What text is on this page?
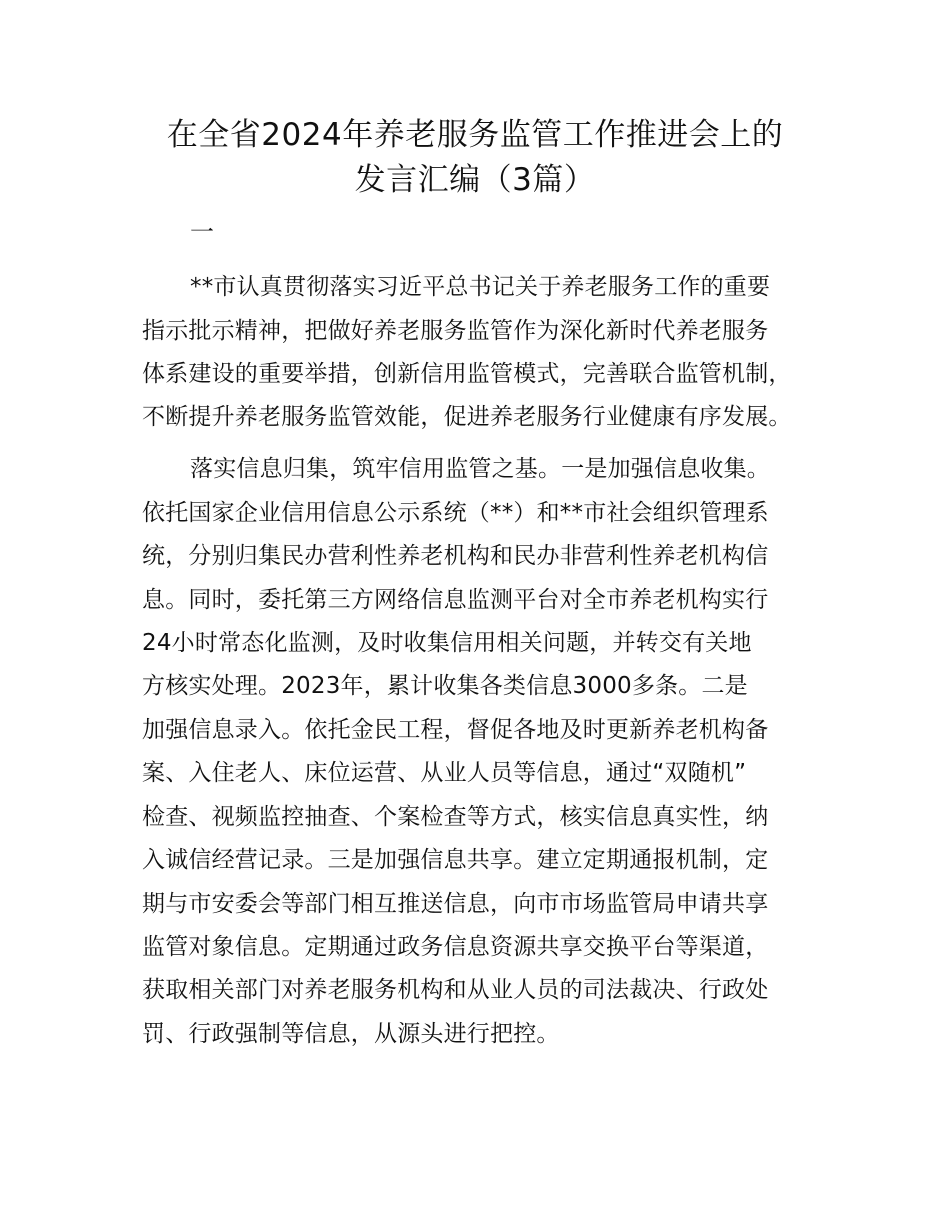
在全省2024年养老服务监管工作推进会上的
发言汇编（3篇）
一
**市认真贯彻落实习近平总书记关于养老服务工作的重要
指示批示精神，把做好养老服务监管作为深化新时代养老服务
体系建设的重要举措，创新信用监管模式，完善联合监管机制，
不断提升养老服务监管效能，促进养老服务行业健康有序发展。
落实信息归集，筑牢信用监管之基。一是加强信息收集。
依托国家企业信用信息公示系统（**）和**市社会组织管理系
统，分别归集民办营利性养老机构和民办非营利性养老机构信
息。同时，委托第三方网络信息监测平台对全市养老机构实行
24小时常态化监测，及时收集信用相关问题，并转交有关地
方核实处理。2023年，累计收集各类信息3000多条。二是
加强信息录入。依托金民工程，督促各地及时更新养老机构备
案、入住老人、床位运营、从业人员等信息，通过“双随机”
检查、视频监控抽查、个案检查等方式，核实信息真实性，纳
入诚信经营记录。三是加强信息共享。建立定期通报机制，定
期与市安委会等部门相互推送信息，向市市场监管局申请共享
监管对象信息。定期通过政务信息资源共享交换平台等渠道，
获取相关部门对养老服务机构和从业人员的司法裁决、行政处
罚、行政强制等信息，从源头进行把控。
